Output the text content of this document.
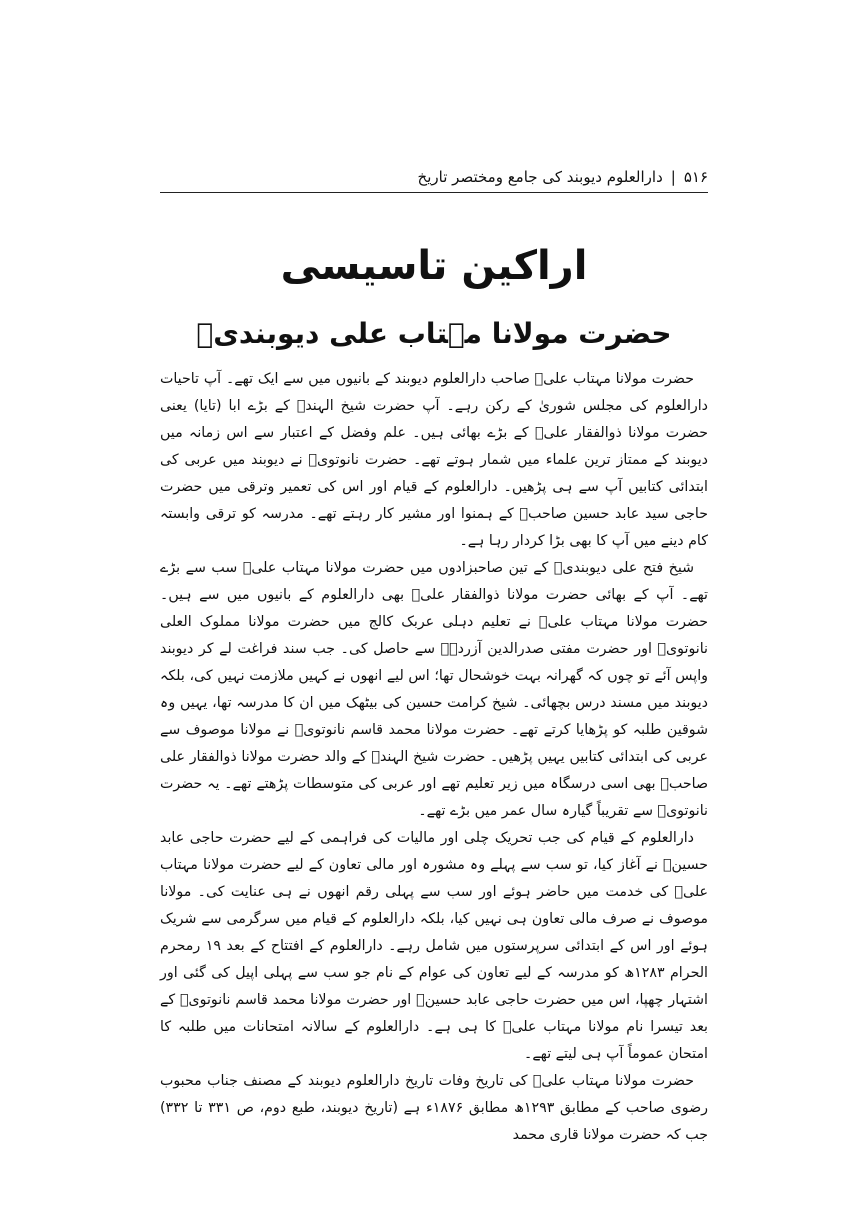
۵۱۶|دارالعلوم دیوبند کی جامع ومختصر تاریخ
اراکین تاسیسی
حضرت مولانا مہتاب علی دیوبندیؒ

حضرت مولانا مہتاب علیؒ صاحب دارالعلوم دیوبند کے بانیوں میں سے ایک تھے۔ آپ تاحیات دارالعلوم کی مجلس شوریٰ کے رکن رہے۔ آپ حضرت شیخ الہندؒ کے بڑے ابا (تایا) یعنی حضرت مولانا ذوالفقار علیؒ کے بڑے بھائی ہیں۔ علم وفضل کے اعتبار سے اس زمانہ میں دیوبند کے ممتاز ترین علماء میں شمار ہوتے تھے۔ حضرت نانوتویؒ نے دیوبند میں عربی کی ابتدائی کتابیں آپ سے ہی پڑھیں۔ دارالعلوم کے قیام اور اس کی تعمیر وترقی میں حضرت حاجی سید عابد حسین صاحبؒ کے ہمنوا اور مشیر کار رہتے تھے۔ مدرسہ کو ترقی وابستہ کام دینے میں آپ کا بھی بڑا کردار رہا ہے۔

شیخ فتح علی دیوبندیؒ کے تین صاحبزادوں میں حضرت مولانا مہتاب علیؒ سب سے بڑے تھے۔ آپ کے بھائی حضرت مولانا ذوالفقار علیؒ بھی دارالعلوم کے بانیوں میں سے ہیں۔ حضرت مولانا مہتاب علیؒ نے تعلیم دہلی عربک کالج میں حضرت مولانا مملوک العلی نانوتویؒ اور حضرت مفتی صدرالدین آزردہؒ سے حاصل کی۔ جب سند فراغت لے کر دیوبند واپس آئے تو چوں کہ گھرانہ بہت خوشحال تھا؛ اس لیے انھوں نے کہیں ملازمت نہیں کی، بلکہ دیوبند میں مسند درس بچھائی۔ شیخ کرامت حسین کی بیٹھک میں ان کا مدرسہ تھا، یہیں وہ شوقین طلبہ کو پڑھایا کرتے تھے۔ حضرت مولانا محمد قاسم نانوتویؒ نے مولانا موصوف سے عربی کی ابتدائی کتابیں یہیں پڑھیں۔ حضرت شیخ الہندؒ کے والد حضرت مولانا ذوالفقار علی صاحبؒ بھی اسی درسگاہ میں زیر تعلیم تھے اور عربی کی متوسطات پڑھتے تھے۔ یہ حضرت نانوتویؒ سے تقریباً گیارہ سال عمر میں بڑے تھے۔

دارالعلوم کے قیام کی جب تحریک چلی اور مالیات کی فراہمی کے لیے حضرت حاجی عابد حسینؒ نے آغاز کیا، تو سب سے پہلے وہ مشورہ اور مالی تعاون کے لیے حضرت مولانا مہتاب علیؒ کی خدمت میں حاضر ہوئے اور سب سے پہلی رقم انھوں نے ہی عنایت کی۔ مولانا موصوف نے صرف مالی تعاون ہی نہیں کیا، بلکہ دارالعلوم کے قیام میں سرگرمی سے شریک ہوئے اور اس کے ابتدائی سرپرستوں میں شامل رہے۔ دارالعلوم کے افتتاح کے بعد ۱۹ رمحرم الحرام ۱۲۸۳ھ کو مدرسہ کے لیے تعاون کی عوام کے نام جو سب سے پہلی اپیل کی گئی اور اشتہار چھپا، اس میں حضرت حاجی عابد حسینؒ اور حضرت مولانا محمد قاسم نانوتویؒ کے بعد تیسرا نام مولانا مہتاب علیؒ کا ہی ہے۔ دارالعلوم کے سالانہ امتحانات میں طلبہ کا امتحان عموماً آپ ہی لیتے تھے۔

حضرت مولانا مہتاب علیؒ کی تاریخ وفات تاریخ دارالعلوم دیوبند کے مصنف جناب محبوب رضوی صاحب کے مطابق ۱۲۹۳ھ مطابق ۱۸۷۶ء ہے (تاریخ دیوبند، طبع دوم، ص ۳۳۱ تا ۳۳۲) جب کہ حضرت مولانا قاری محمد
